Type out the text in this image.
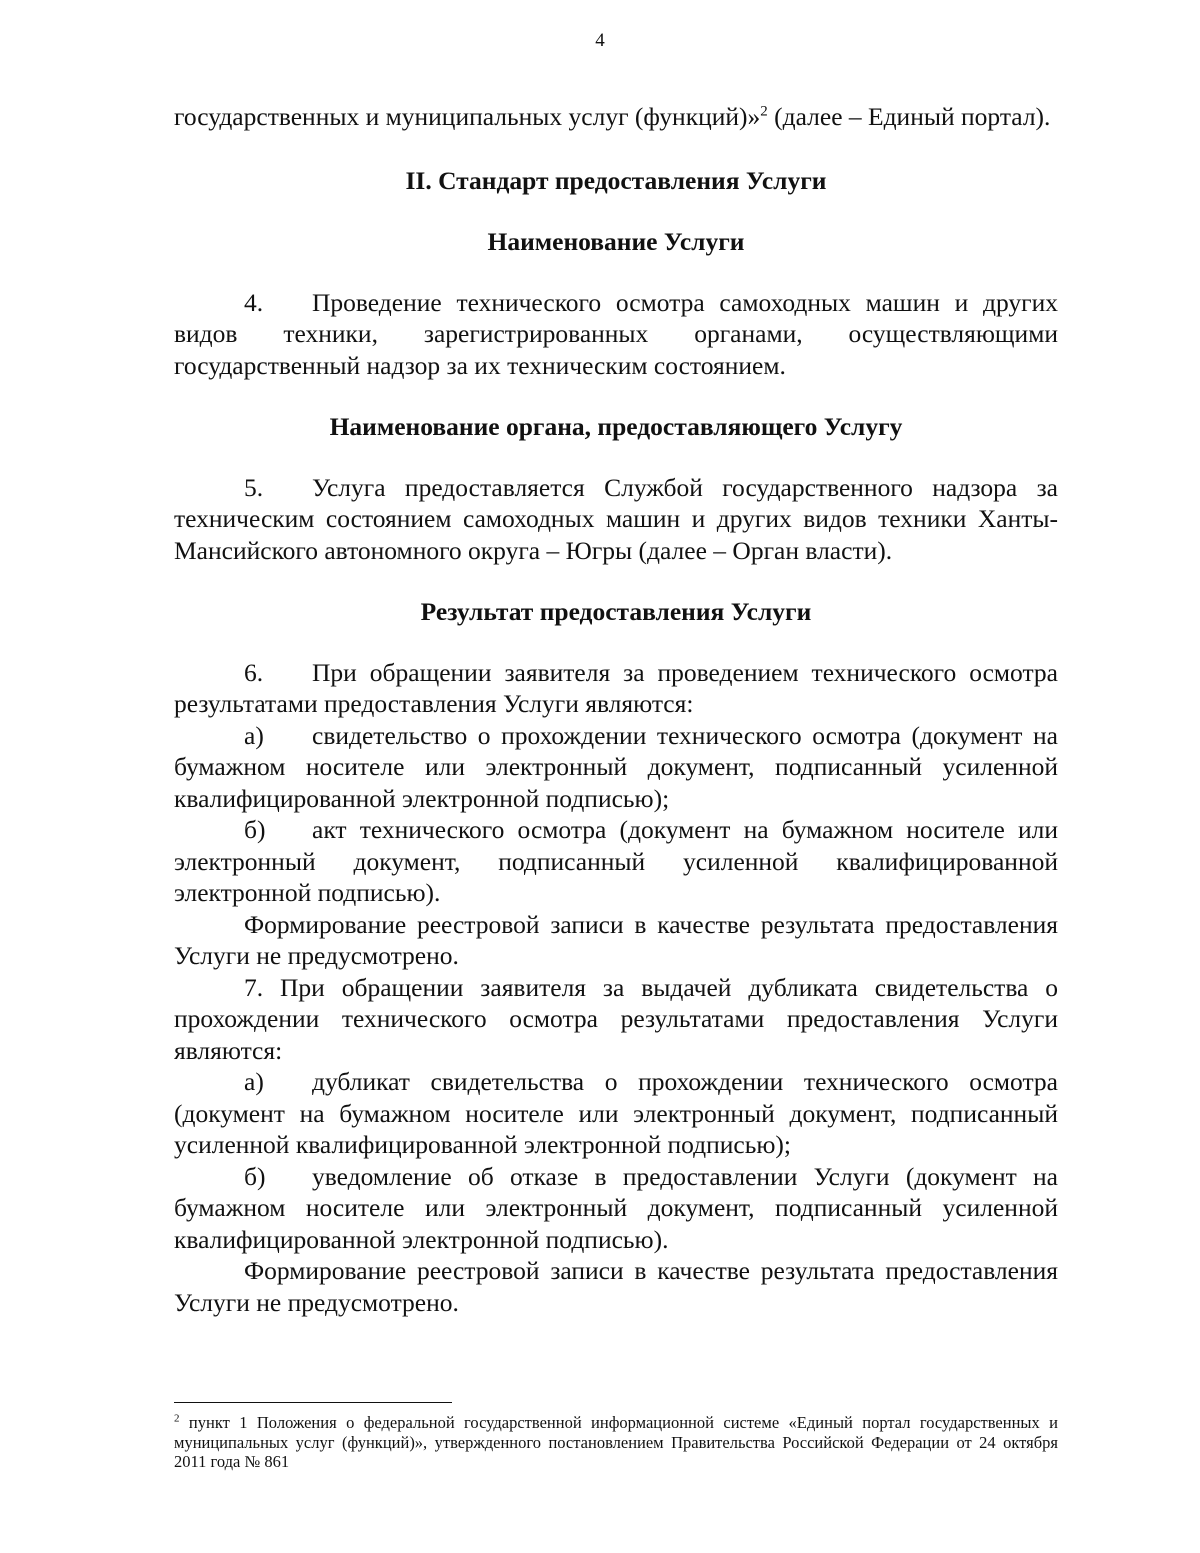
4

государственных и муниципальных услуг (функций)»$^2$ (далее – Единый портал).

II. Стандарт предоставления Услуги

Наименование Услуги

4. Проведение технического осмотра самоходных машин и других видов техники, зарегистрированных органами, осуществляющими государственный надзор за их техническим состоянием.

Наименование органа, предоставляющего Услугу

5. Услуга предоставляется Службой государственного надзора за техническим состоянием самоходных машин и других видов техники Ханты-Мансийского автономного округа – Югры (далее – Орган власти).

Результат предоставления Услуги

6. При обращении заявителя за проведением технического осмотра результатами предоставления Услуги являются:

а) свидетельство о прохождении технического осмотра (документ на бумажном носителе или электронный документ, подписанный усиленной квалифицированной электронной подписью);

б) акт технического осмотра (документ на бумажном носителе или электронный документ, подписанный усиленной квалифицированной электронной подписью).

Формирование реестровой записи в качестве результата предоставления Услуги не предусмотрено.

7. При обращении заявителя за выдачей дубликата свидетельства о прохождении технического осмотра результатами предоставления Услуги являются:

а) дубликат свидетельства о прохождении технического осмотра (документ на бумажном носителе или электронный документ, подписанный усиленной квалифицированной электронной подписью);

б) уведомление об отказе в предоставлении Услуги (документ на бумажном носителе или электронный документ, подписанный усиленной квалифицированной электронной подписью).

Формирование реестровой записи в качестве результата предоставления Услуги не предусмотрено.

$^2$ пункт 1 Положения о федеральной государственной информационной системе «Единый портал государственных и муниципальных услуг (функций)», утвержденного постановлением Правительства Российской Федерации от 24 октября 2011 года № 861
